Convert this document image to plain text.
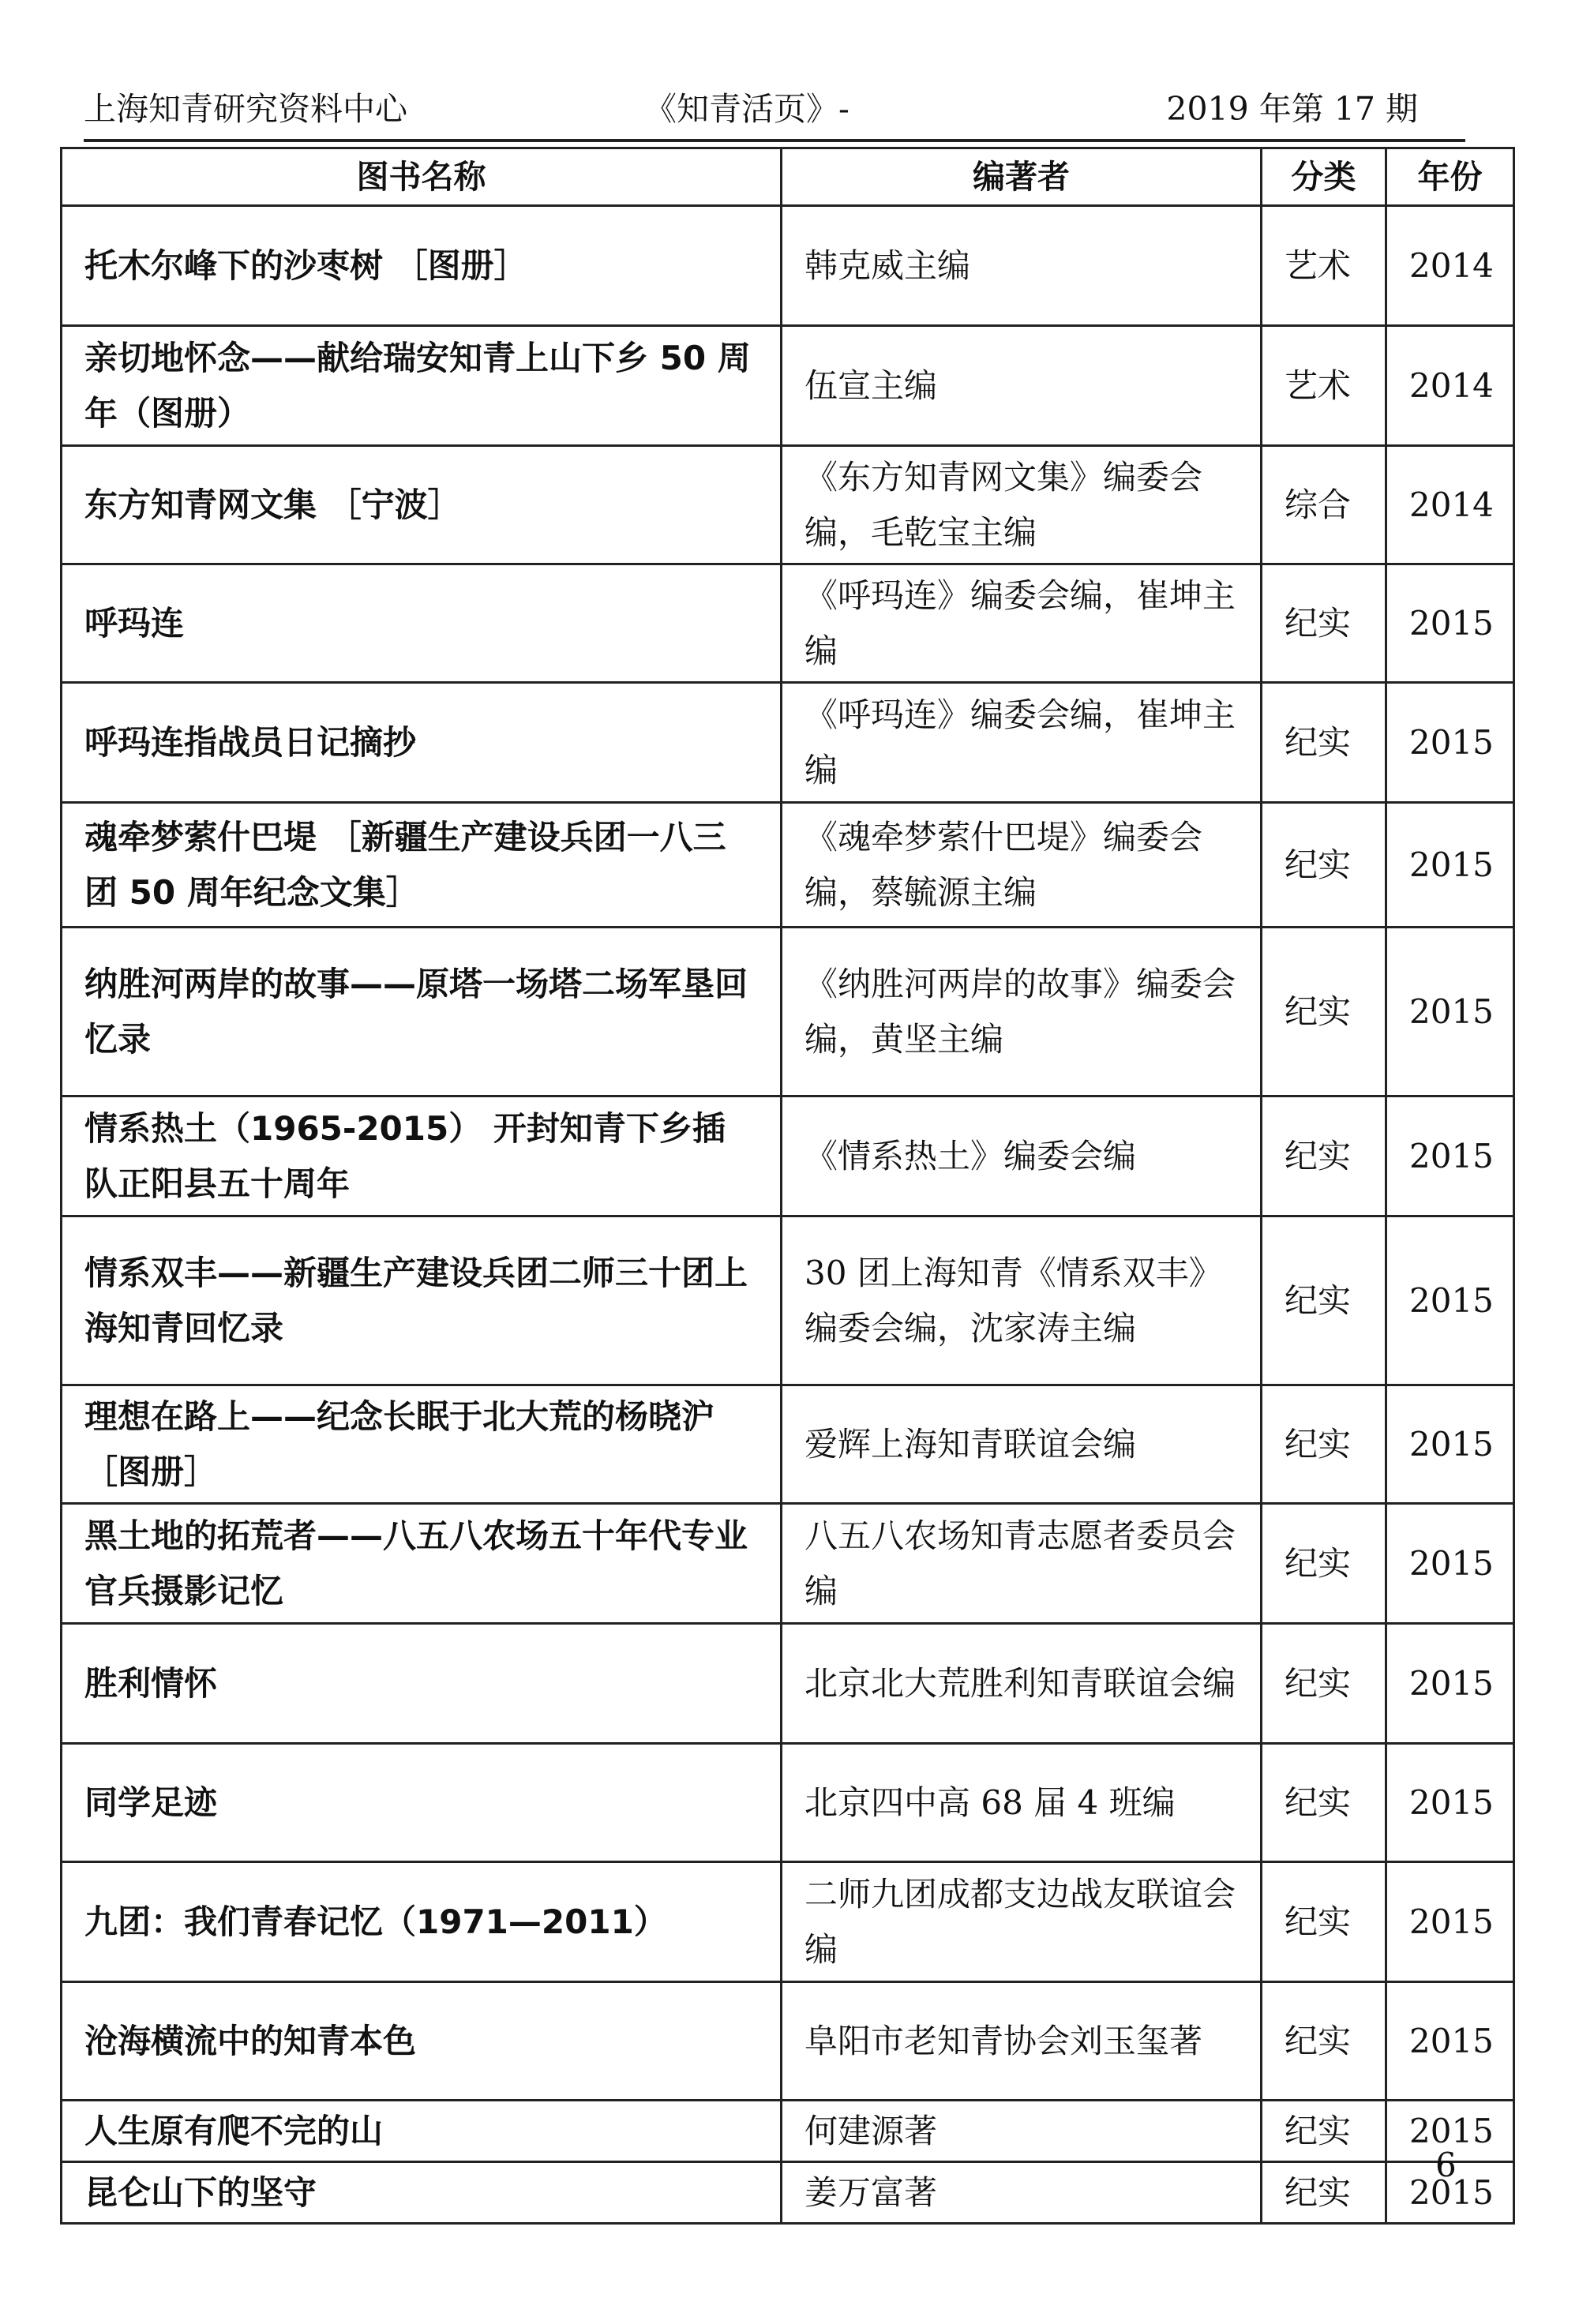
上海知青研究资料中心	《知青活页》-	2019 年第 17 期
图书名称	编著者	分类	年份
托木尔峰下的沙枣树 ［图册］	韩克威主编	艺术	2014
亲切地怀念——献给瑞安知青上山下乡 50 周年（图册）	伍宣主编	艺术	2014
东方知青网文集 ［宁波］	《东方知青网文集》编委会编，毛乾宝主编	综合	2014
呼玛连	《呼玛连》编委会编，崔坤主编	纪实	2015
呼玛连指战员日记摘抄	《呼玛连》编委会编，崔坤主编	纪实	2015
魂牵梦萦什巴堤 ［新疆生产建设兵团一八三团 50 周年纪念文集］	《魂牵梦萦什巴堤》编委会编，蔡毓源主编	纪实	2015
纳胜河两岸的故事——原塔一场塔二场军垦回忆录	《纳胜河两岸的故事》编委会编，黄坚主编	纪实	2015
情系热土（1965-2015） 开封知青下乡插队正阳县五十周年	《情系热土》编委会编	纪实	2015
情系双丰——新疆生产建设兵团二师三十团上海知青回忆录	30 团上海知青《情系双丰》编委会编，沈家涛主编	纪实	2015
理想在路上——纪念长眠于北大荒的杨晓沪 ［图册］	爱辉上海知青联谊会编	纪实	2015
黑土地的拓荒者——八五八农场五十年代专业官兵摄影记忆	八五八农场知青志愿者委员会编	纪实	2015
胜利情怀	北京北大荒胜利知青联谊会编	纪实	2015
同学足迹	北京四中高 68 届 4 班编	纪实	2015
九团：我们青春记忆（1971—2011）	二师九团成都支边战友联谊会编	纪实	2015
沧海横流中的知青本色	阜阳市老知青协会刘玉玺著	纪实	2015
人生原有爬不完的山	何建源著	纪实	2015
昆仑山下的坚守	姜万富著	纪实	2015
6
